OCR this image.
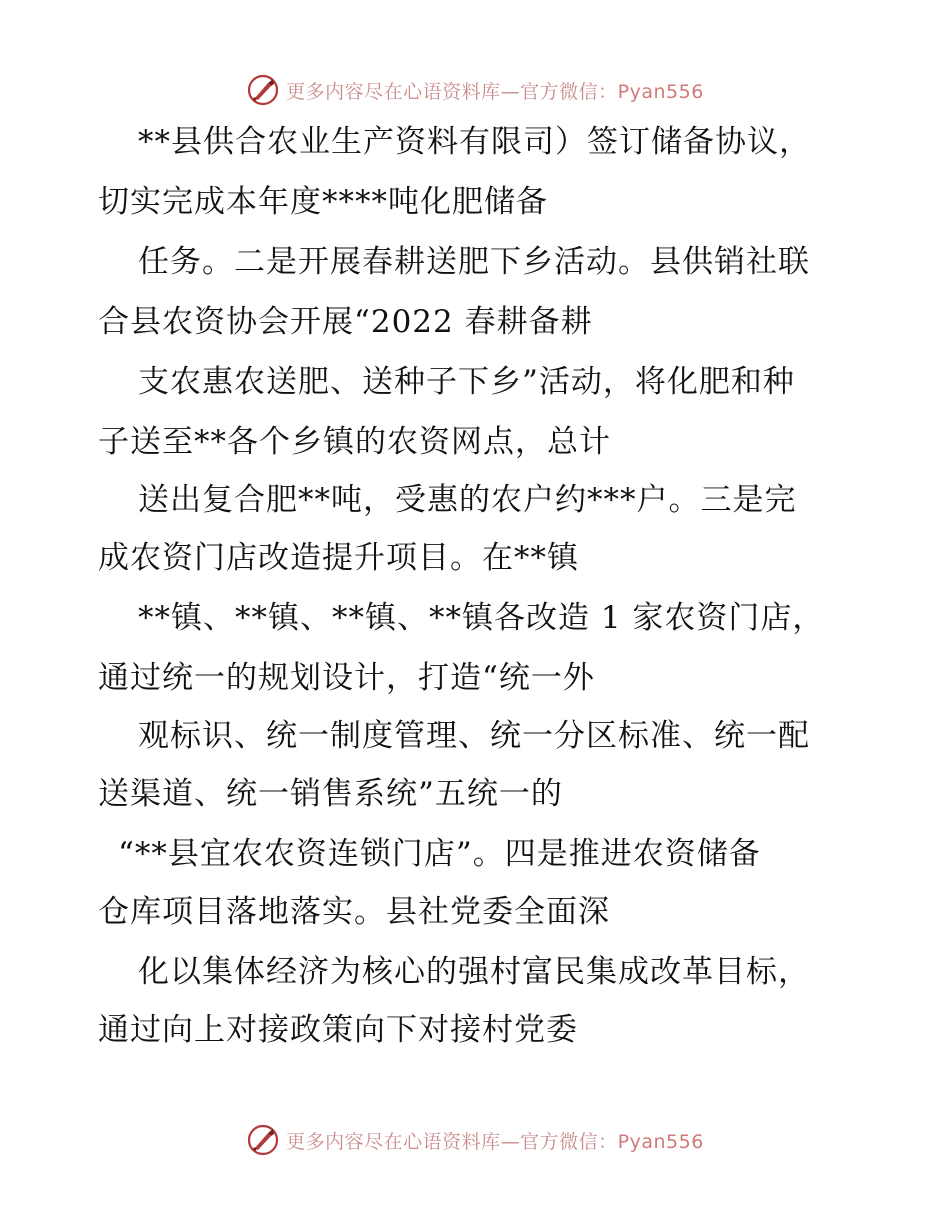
更多内容尽在心语资料库—官方微信：Pyan556
**县供合农业生产资料有限司）签订储备协议，
切实完成本年度****吨化肥储备
任务。二是开展春耕送肥下乡活动。县供销社联
合县农资协会开展“2022 春耕备耕
支农惠农送肥、送种子下乡”活动，将化肥和种
子送至**各个乡镇的农资网点，总计
送出复合肥**吨，受惠的农户约***户。三是完
成农资门店改造提升项目。在**镇
**镇、**镇、**镇、**镇各改造 1 家农资门店，
通过统一的规划设计，打造“统一外
观标识、统一制度管理、统一分区标准、统一配
送渠道、统一销售系统”五统一的
“**县宜农农资连锁门店”。四是推进农资储备
仓库项目落地落实。县社党委全面深
化以集体经济为核心的强村富民集成改革目标，
通过向上对接政策向下对接村党委
更多内容尽在心语资料库—官方微信：Pyan556
